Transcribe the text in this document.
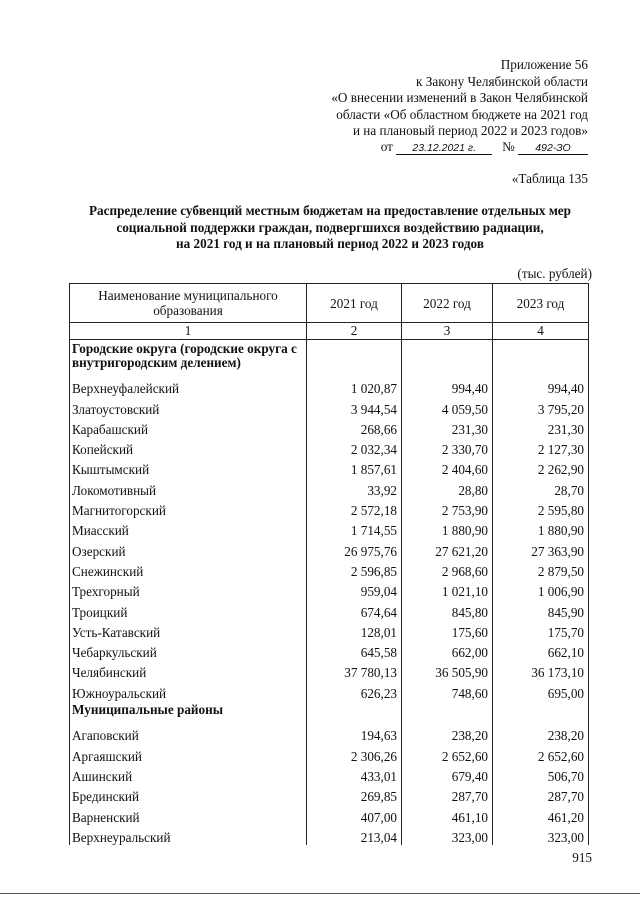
Приложение 56
к Закону Челябинской области
«О внесении изменений в Закон Челябинской
области «Об областном бюджете на 2021 год
и на плановый период 2022 и 2023 годов»
от 23.12.2021 г. № 492-ЗО
«Таблица 135
Распределение субвенций местным бюджетам на предоставление отдельных мер
социальной поддержки граждан, подвергшихся воздействию радиации,
на 2021 год и на плановый период 2022 и 2023 годов
(тыс. рублей)
Наименование муниципального образования	2021 год	2022 год	2023 год
1	2	3	4
Городские округа (городские округа с внутригородским делением)			
Верхнеуфалейский	1 020,87	994,40	994,40
Златоустовский	3 944,54	4 059,50	3 795,20
Карабашский	268,66	231,30	231,30
Копейский	2 032,34	2 330,70	2 127,30
Кыштымский	1 857,61	2 404,60	2 262,90
Локомотивный	33,92	28,80	28,70
Магнитогорский	2 572,18	2 753,90	2 595,80
Миасский	1 714,55	1 880,90	1 880,90
Озерский	26 975,76	27 621,20	27 363,90
Снежинский	2 596,85	2 968,60	2 879,50
Трехгорный	959,04	1 021,10	1 006,90
Троицкий	674,64	845,80	845,90
Усть-Катавский	128,01	175,60	175,70
Чебаркульский	645,58	662,00	662,10
Челябинский	37 780,13	36 505,90	36 173,10
Южноуральский	626,23	748,60	695,00
Муниципальные районы			
Агаповский	194,63	238,20	238,20
Аргаяшский	2 306,26	2 652,60	2 652,60
Ашинский	433,01	679,40	506,70
Брединский	269,85	287,70	287,70
Варненский	407,00	461,10	461,20
Верхнеуральский	213,04	323,00	323,00
915
